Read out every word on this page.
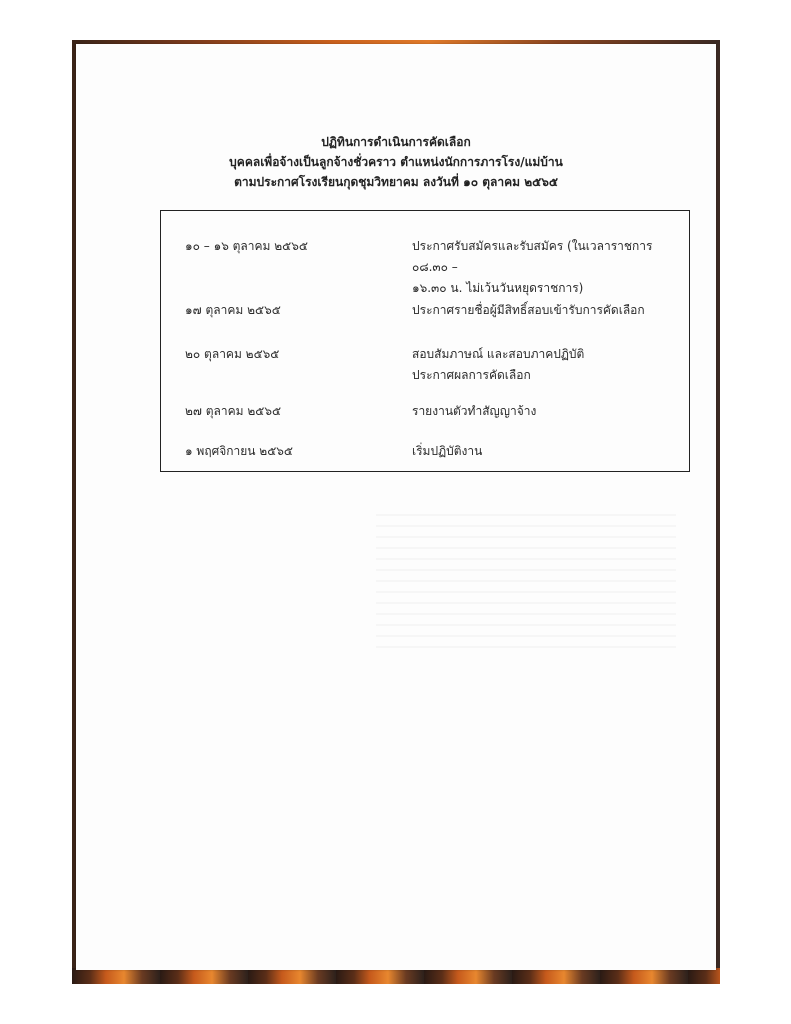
ปฏิทินการดำเนินการคัดเลือก
บุคคลเพื่อจ้างเป็นลูกจ้างชั่วคราว ตำแหน่งนักการภารโรง/แม่บ้าน
ตามประกาศโรงเรียนกุดชุมวิทยาคม ลงวันที่ ๑๐ ตุลาคม ๒๕๖๕
๑๐ – ๑๖ ตุลาคม ๒๕๖๕	ประกาศรับสมัครและรับสมัคร (ในเวลาราชการ ๐๘.๓๐ –
๑๖.๓๐ น. ไม่เว้นวันหยุดราชการ)
๑๗ ตุลาคม ๒๕๖๕	ประกาศรายชื่อผู้มีสิทธิ์สอบเข้ารับการคัดเลือก
๒๐ ตุลาคม ๒๕๖๕	สอบสัมภาษณ์ และสอบภาคปฏิบัติ
ประกาศผลการคัดเลือก
๒๗ ตุลาคม ๒๕๖๕	รายงานตัวทำสัญญาจ้าง
๑ พฤศจิกายน ๒๕๖๕	เริ่มปฏิบัติงาน
